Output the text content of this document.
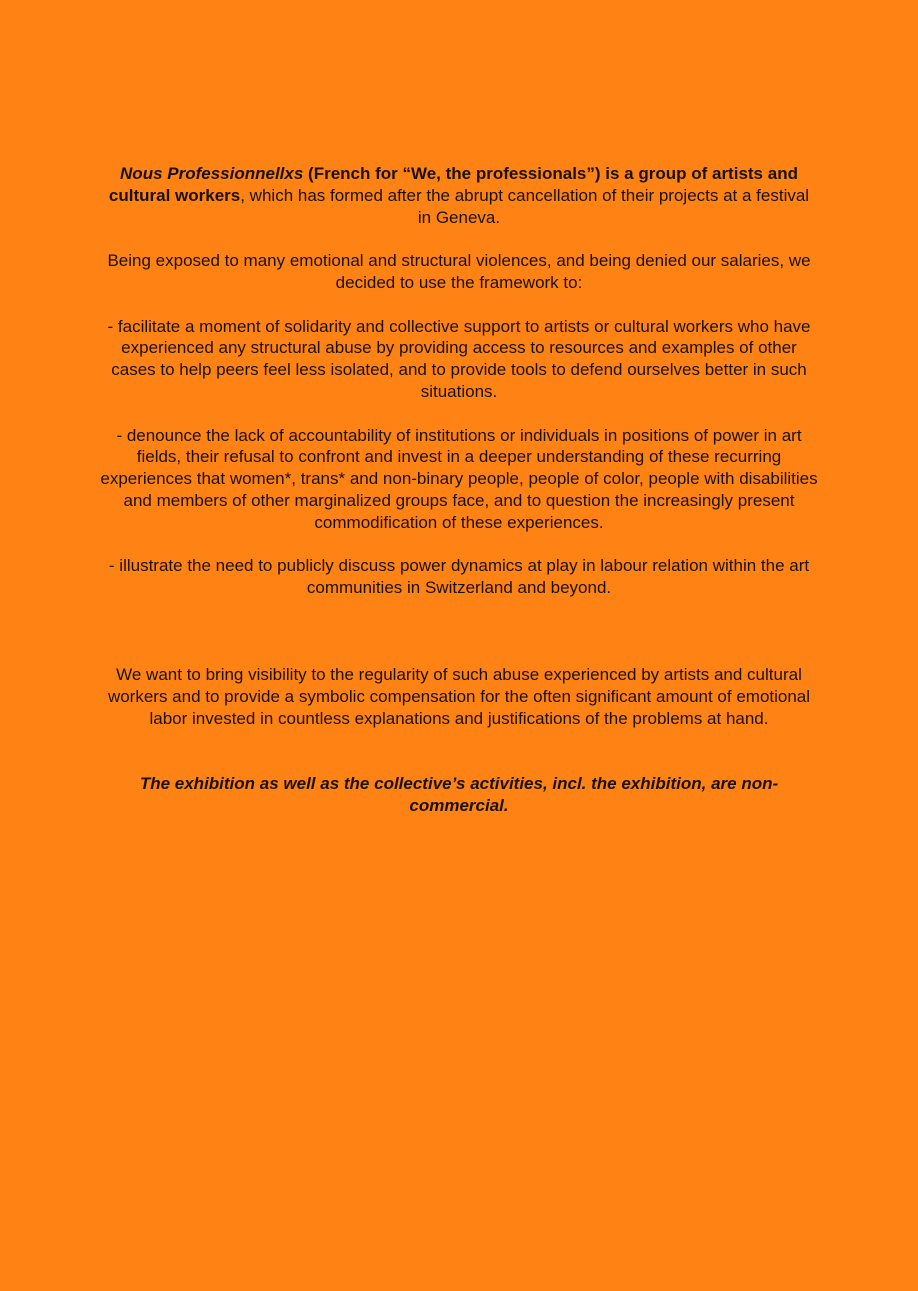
Nous Professionnellxs (French for “We, the professionals”) is a group of artists and cultural workers, which has formed after the abrupt cancellation of their projects at a festival in Geneva.

Being exposed to many emotional and structural violences, and being denied our salaries, we decided to use the framework to:

- facilitate a moment of solidarity and collective support to artists or cultural workers who have experienced any structural abuse by providing access to resources and examples of other cases to help peers feel less isolated, and to provide tools to defend ourselves better in such situations.

- denounce the lack of accountability of institutions or individuals in positions of power in art fields, their refusal to confront and invest in a deeper understanding of these recurring experiences that women*, trans* and non-binary people, people of color, people with disabilities and members of other marginalized groups face, and to question the increasingly present commodification of these experiences.

- illustrate the need to publicly discuss power dynamics at play in labour relation within the art communities in Switzerland and beyond.

We want to bring visibility to the regularity of such abuse experienced by artists and cultural workers and to provide a symbolic compensation for the often significant amount of emotional labor invested in countless explanations and justifications of the problems at hand.

The exhibition as well as the collective’s activities, incl. the exhibition, are non-commercial.
